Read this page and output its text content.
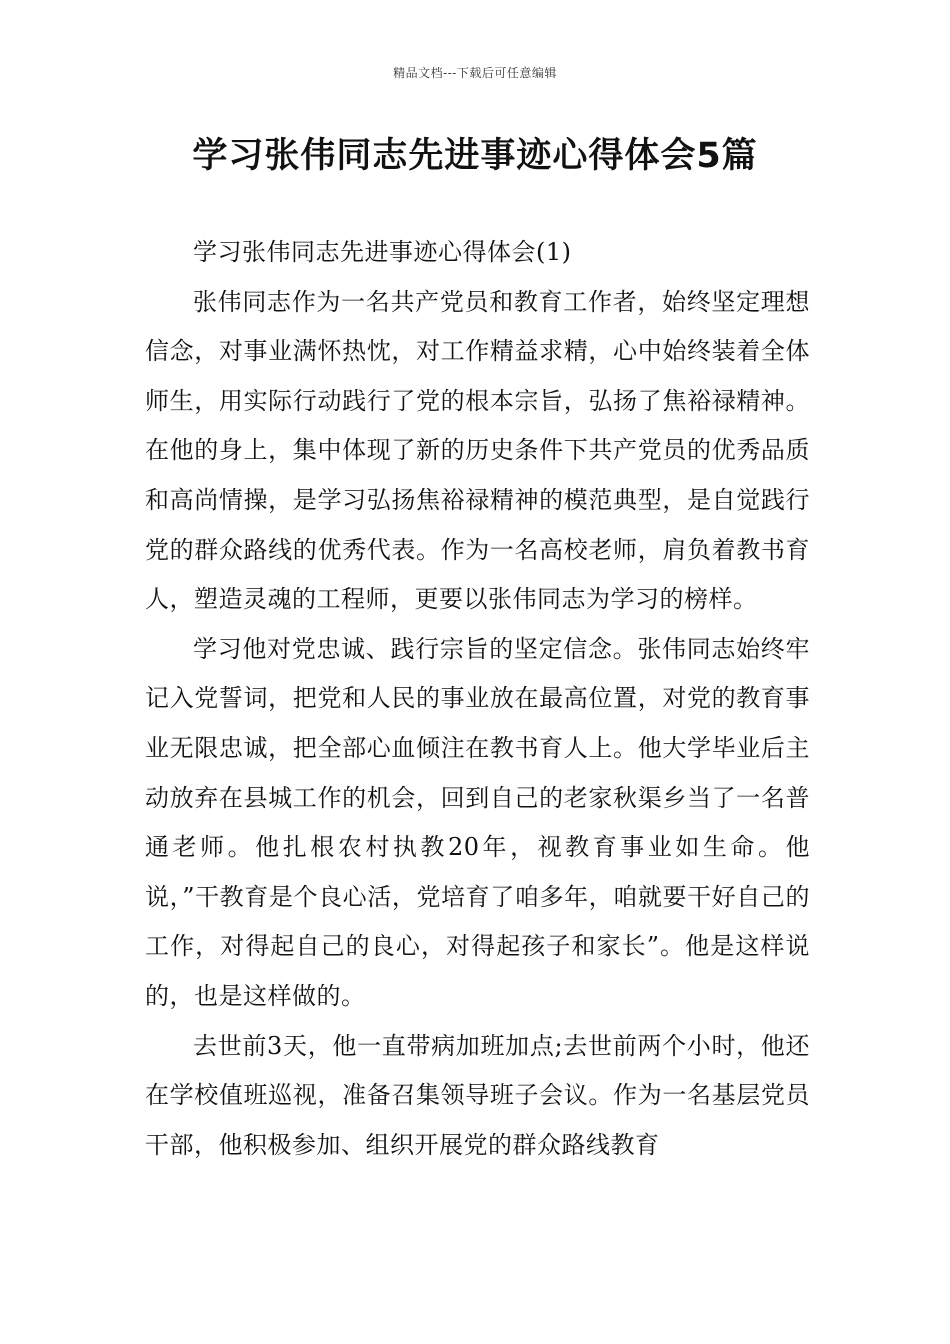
精品文档---下载后可任意编辑
学习张伟同志先进事迹心得体会5篇

学习张伟同志先进事迹心得体会(1)

张伟同志作为一名共产党员和教育工作者，始终坚定理想信念，对事业满怀热忱，对工作精益求精，心中始终装着全体师生，用实际行动践行了党的根本宗旨，弘扬了焦裕禄精神。在他的身上，集中体现了新的历史条件下共产党员的优秀品质和高尚情操，是学习弘扬焦裕禄精神的模范典型，是自觉践行党的群众路线的优秀代表。作为一名高校老师，肩负着教书育人，塑造灵魂的工程师，更要以张伟同志为学习的榜样。

学习他对党忠诚、践行宗旨的坚定信念。张伟同志始终牢记入党誓词，把党和人民的事业放在最高位置，对党的教育事业无限忠诚，把全部心血倾注在教书育人上。他大学毕业后主动放弃在县城工作的机会，回到自己的老家秋渠乡当了一名普通老师。他扎根农村执教20年，视教育事业如生命。他说，”干教育是个良心活，党培育了咱多年，咱就要干好自己的工作，对得起自己的良心，对得起孩子和家长”。他是这样说的，也是这样做的。

去世前3天，他一直带病加班加点;去世前两个小时，他还在学校值班巡视，准备召集领导班子会议。作为一名基层党员干部，他积极参加、组织开展党的群众路线教育
